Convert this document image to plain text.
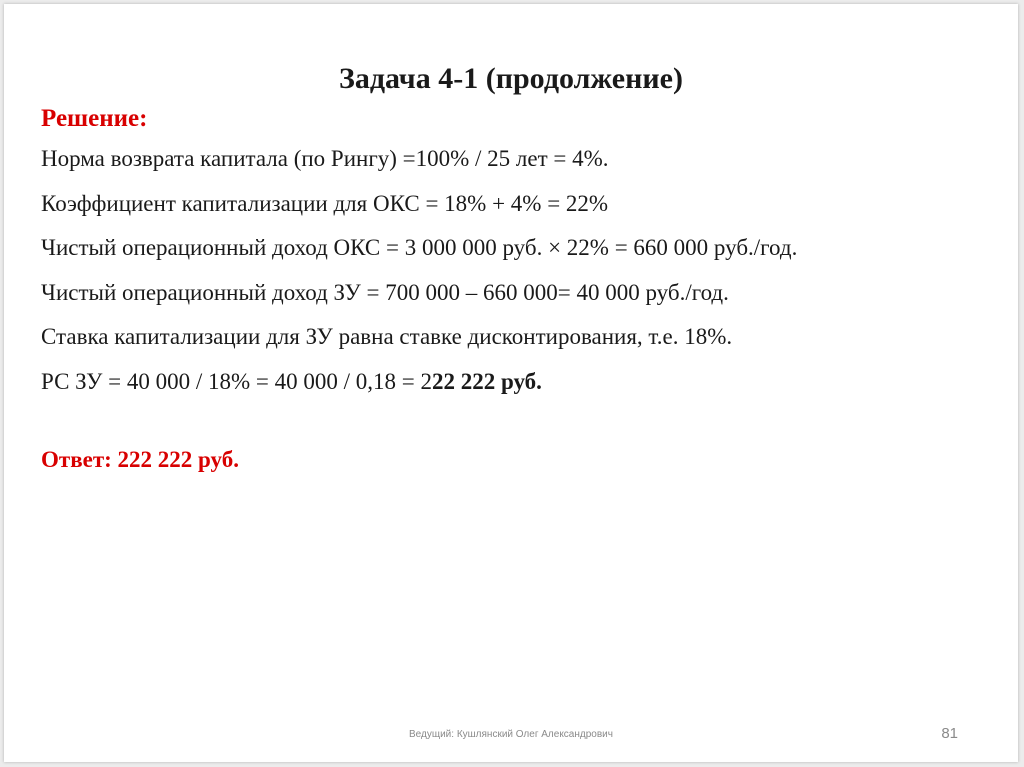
Задача 4-1 (продолжение)
Решение:
Норма возврата капитала (по Рингу) =100% / 25 лет = 4%.
Коэффициент капитализации для ОКС = 18% + 4% = 22%
Чистый операционный доход ОКС = 3 000 000 руб. × 22% = 660 000 руб./год.
Чистый операционный доход ЗУ = 700 000 – 660 000= 40 000 руб./год.
Ставка капитализации для ЗУ равна ставке дисконтирования, т.е. 18%.
РС ЗУ = 40 000 / 18% = 40 000 / 0,18 = 222 222 руб.
Ответ: 222 222 руб.
Ведущий: Кушлянский Олег Александрович	81
